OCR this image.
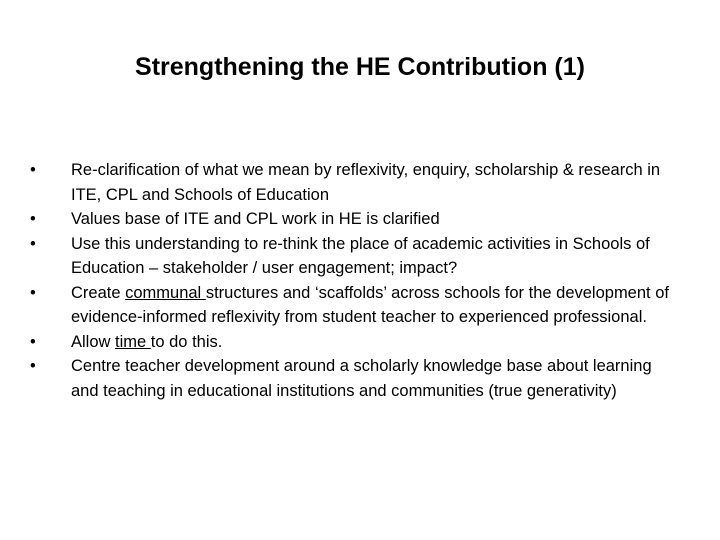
Strengthening the HE Contribution (1)
•	Re-clarification of what we mean by reflexivity, enquiry, scholarship & research in ITE, CPL and Schools of Education
•	Values base of ITE and CPL work in HE is clarified
•	Use this understanding to re-think the place of academic activities in Schools of Education – stakeholder / user engagement; impact?
•	Create communal structures and ‘scaffolds’ across schools for the development of evidence-informed reflexivity from student teacher to experienced professional.
•	Allow time to do this.
•	Centre teacher development around a scholarly knowledge base about learning and teaching in educational institutions and communities (true generativity)
